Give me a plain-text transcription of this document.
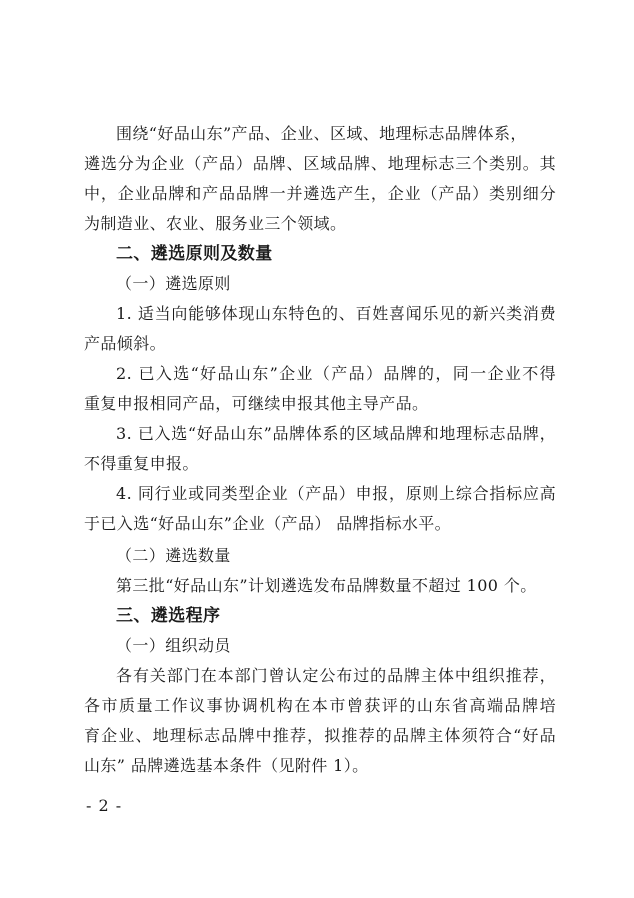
围绕“好品山东”产品、企业、区域、地理标志品牌体系，
遴选分为企业（产品）品牌、区域品牌、地理标志三个类别。其
中，企业品牌和产品品牌一并遴选产生，企业（产品）类别细分
为制造业、农业、服务业三个领域。
二、遴选原则及数量
（一）遴选原则
1. 适当向能够体现山东特色的、百姓喜闻乐见的新兴类消费
产品倾斜。
2. 已入选“好品山东”企业（产品）品牌的，同一企业不得
重复申报相同产品，可继续申报其他主导产品。
3. 已入选“好品山东”品牌体系的区域品牌和地理标志品牌，
不得重复申报。
4. 同行业或同类型企业（产品）申报，原则上综合指标应高
于已入选“好品山东”企业（产品） 品牌指标水平。
（二）遴选数量
第三批“好品山东”计划遴选发布品牌数量不超过 100 个。
三、遴选程序
（一）组织动员
各有关部门在本部门曾认定公布过的品牌主体中组织推荐，
各市质量工作议事协调机构在本市曾获评的山东省高端品牌培
育企业、地理标志品牌中推荐，拟推荐的品牌主体须符合“好品
山东” 品牌遴选基本条件（见附件 1）。
- 2 -
